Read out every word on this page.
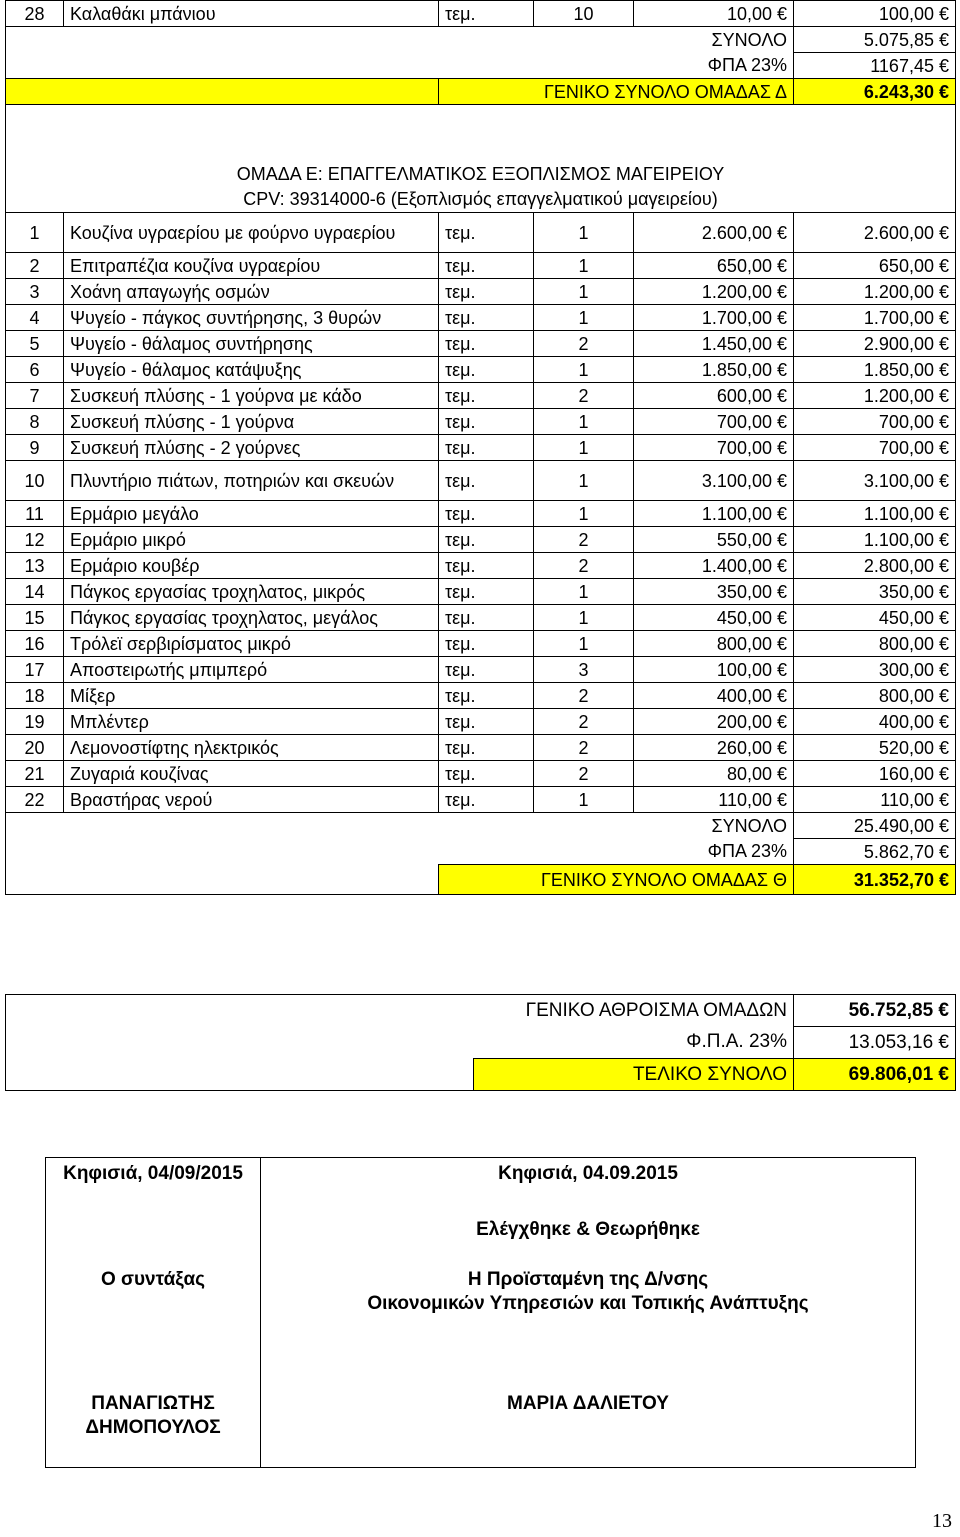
28	Καλαθάκι μπάνιου	τεμ.	10	10,00 €	100,00 €
		ΣΥΝΟΛΟ			5.075,85 €
		ΦΠΑ 23%			1167,45 €
		ΓΕΝΙΚΟ ΣΥΝΟΛΟ ΟΜΑΔΑΣ Δ			6.243,30 €

ΟΜΑΔΑ Ε: ΕΠΑΓΓΕΛΜΑΤΙΚΟΣ ΕΞΟΠΛΙΣΜΟΣ ΜΑΓΕΙΡΕΙΟΥ					
CPV: 39314000-6 (Εξοπλισμός επαγγελματικού μαγειρείου)					
1	Κουζίνα υγραερίου με φούρνο υγραερίου	τεμ.	1	2.600,00 €	2.600,00 €
2	Επιτραπέζια κουζίνα υγραερίου	τεμ.	1	650,00 €	650,00 €
3	Χοάνη απαγωγής οσμών	τεμ.	1	1.200,00 €	1.200,00 €
4	Ψυγείο - πάγκος συντήρησης, 3 θυρών	τεμ.	1	1.700,00 €	1.700,00 €
5	Ψυγείο - θάλαμος συντήρησης	τεμ.	2	1.450,00 €	2.900,00 €
6	Ψυγείο - θάλαμος κατάψυξης	τεμ.	1	1.850,00 €	1.850,00 €
7	Συσκευή πλύσης - 1 γούρνα με κάδο	τεμ.	2	600,00 €	1.200,00 €
8	Συσκευή πλύσης - 1 γούρνα	τεμ.	1	700,00 €	700,00 €
9	Συσκευή πλύσης - 2 γούρνες	τεμ.	1	700,00 €	700,00 €
10	Πλυντήριο πιάτων, ποτηριών και σκευών	τεμ.	1	3.100,00 €	3.100,00 €
11	Ερμάριο μεγάλο	τεμ.	1	1.100,00 €	1.100,00 €
12	Ερμάριο μικρό	τεμ.	2	550,00 €	1.100,00 €
13	Ερμάριο κουβέρ	τεμ.	2	1.400,00 €	2.800,00 €
14	Πάγκος εργασίας τροχηλατος, μικρός	τεμ.	1	350,00 €	350,00 €
15	Πάγκος εργασίας τροχηλατος, μεγάλος	τεμ.	1	450,00 €	450,00 €
16	Τρόλεϊ σερβιρίσματος μικρό	τεμ.	1	800,00 €	800,00 €
17	Αποστειρωτής μπιμπερό	τεμ.	3	100,00 €	300,00 €
18	Μίξερ	τεμ.	2	400,00 €	800,00 €
19	Μπλέντερ	τεμ.	2	200,00 €	400,00 €
20	Λεμονοστίφτης ηλεκτρικός	τεμ.	2	260,00 €	520,00 €
21	Ζυγαριά κουζίνας	τεμ.	2	80,00 €	160,00 €
22	Βραστήρας νερού	τεμ.	1	110,00 €	110,00 €
		ΣΥΝΟΛΟ			25.490,00 €
		ΦΠΑ 23%			5.862,70 €
		ΓΕΝΙΚΟ ΣΥΝΟΛΟ ΟΜΑΔΑΣ Θ			31.352,70 €
	ΓΕΝΙΚΟ ΑΘΡΟΙΣΜΑ ΟΜΑΔΩΝ	56.752,85 €
	Φ.Π.Α. 23%	13.053,16 €
	ΤΕΛΙΚΟ ΣΥΝΟΛΟ	69.806,01 €
Κηφισιά, 04/09/2015	Κηφισιά, 04.09.2015
	Ελέγχθηκε & Θεωρήθηκε
Ο συντάξας	Η Προϊσταμένη της Δ/νσης
Οικονομικών Υπηρεσιών και Τοπικής Ανάπτυξης

ΠΑΝΑΓΙΩΤΗΣ ΔΗΜΟΠΟΥΛΟΣ	ΜΑΡΙΑ ΔΑΛΙΕΤΟΥ
13
